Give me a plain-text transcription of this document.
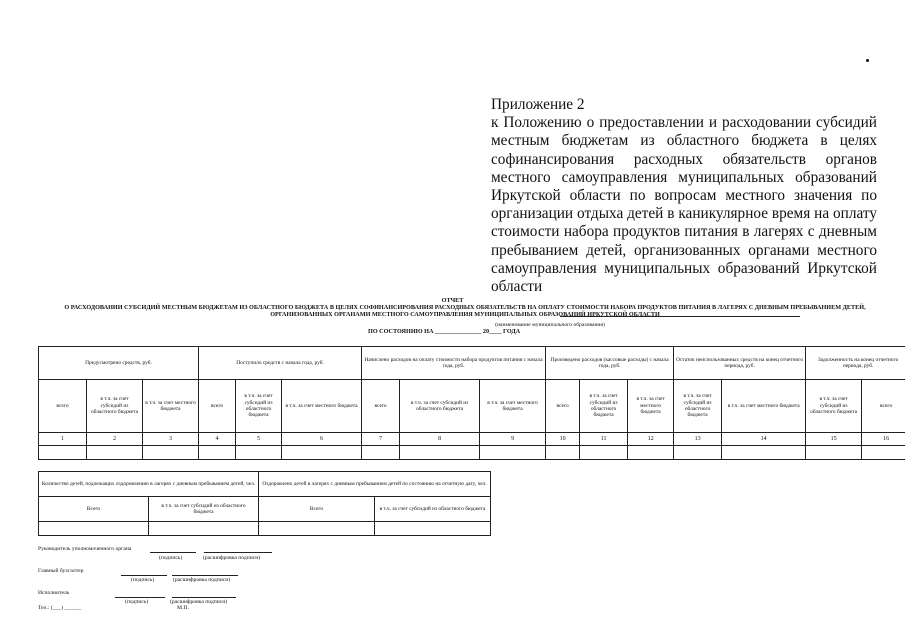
Приложение 2
к Положению о предоставлении и расходовании субсидий местным бюджетам из областного бюджета в целях софинансирования расходных обязательств органов местного самоуправления муниципальных образований Иркутской области по вопросам местного значения по организации отдыха детей в каникулярное время на оплату стоимости набора продуктов питания в лагерях с дневным пребыванием детей, организованных органами местного самоуправления муниципальных образований Иркутской области
ОТЧЕТ
О РАСХОДОВАНИИ СУБСИДИЙ МЕСТНЫМ БЮДЖЕТАМ ИЗ ОБЛАСТНОГО БЮДЖЕТА В ЦЕЛЯХ СОФИНАНСИРОВАНИЯ РАСХОДНЫХ ОБЯЗАТЕЛЬСТВ НА ОПЛАТУ СТОИМОСТИ НАБОРА ПРОДУКТОВ ПИТАНИЯ В ЛАГЕРЯХ С ДНЕВНЫМ ПРЕБЫВАНИЕМ ДЕТЕЙ, ОРГАНИЗОВАННЫХ ОРГАНАМИ МЕСТНОГО САМОУПРАВЛЕНИЯ МУНИЦИПАЛЬНЫХ ОБРАЗОВАНИЙ ИРКУТСКОЙ ОБЛАСТИ
(наименование муниципального образования)
ПО СОСТОЯНИЮ НА _______________ 20____ ГОДА
Предусмотрено средств, руб.			Поступило средств с начала года, руб.			Начислено расходов на оплату стоимости набора продуктов питания с начала года, руб.			Произведено расходов (кассовые расходы) с начала года, руб.			Остаток неиспользованных средств на конец отчетного периода, руб.		Задолженность на конец отчетного периода, руб.	
всего	в т.ч. за счет субсидий из областного бюджета	в т.ч. за счет местного бюджета	всего	в т.ч. за счет субсидий из областного бюджета	в т.ч. за счет местного бюджета	всего	в т.ч. за счет субсидий из областного бюджета	в т.ч. за счет местного бюджета	всего	в т.ч. за счет субсидий из областного бюджета	в т.ч. за счет местного бюджета	в т.ч. за счет субсидий из областного бюджета	в т.ч. за счет местного бюджета	в т.ч. за счет субсидий из областного бюджета	всего
1	2	3	4	5	6	7	8	9	10	11	12	13	14	15	16

Количество детей, подлежащих оздоровлению в лагерях с дневным пребыванием детей, чел.		Оздоровлено детей в лагерях с дневным пребыванием детей по состоянию на отчетную дату, чел.	
Всего	в т.ч. за счет субсидий из областного бюджета	Всего	в т.ч. за счет субсидий из областного бюджета

Руководитель уполномоченного органа
(подпись)	(расшифровка подписи)
Главный бухгалтер
(подпись)	(расшифровка подписи)
Исполнитель
(подпись)	(расшифровка подписи)
Тел.: (___) ______	М.П.
